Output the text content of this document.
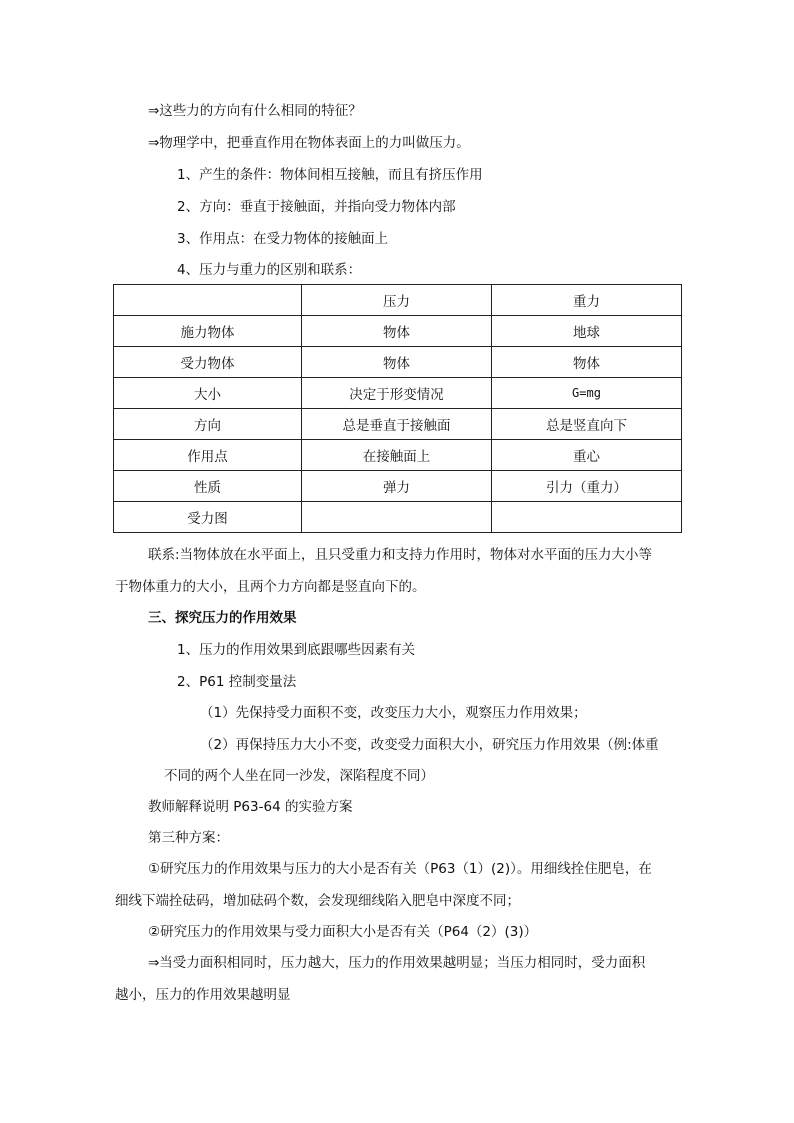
⇒这些力的方向有什么相同的特征？
⇒物理学中，把垂直作用在物体表面上的力叫做压力。
1、产生的条件：物体间相互接触，而且有挤压作用
2、方向：垂直于接触面，并指向受力物体内部
3、作用点：在受力物体的接触面上
4、压力与重力的区别和联系：
	压力	重力
施力物体	物体	地球
受力物体	物体	物体
大小	决定于形变情况	G=mg
方向	总是垂直于接触面	总是竖直向下
作用点	在接触面上	重心
性质	弹力	引力（重力）
受力图		
联系:当物体放在水平面上，且只受重力和支持力作用时，物体对水平面的压力大小等
于物体重力的大小，且两个力方向都是竖直向下的。
三、探究压力的作用效果
1、压力的作用效果到底跟哪些因素有关
2、P61 控制变量法
（1）先保持受力面积不变，改变压力大小，观察压力作用效果；
（2）再保持压力大小不变，改变受力面积大小，研究压力作用效果（例:体重
不同的两个人坐在同一沙发，深陷程度不同）
教师解释说明 P63-64 的实验方案
第三种方案：
①研究压力的作用效果与压力的大小是否有关（P63（1）(2)）。用细线拴住肥皂，在
细线下端拴砝码，增加砝码个数，会发现细线陷入肥皂中深度不同；
②研究压力的作用效果与受力面积大小是否有关（P64（2）(3)）
⇒当受力面积相同时，压力越大，压力的作用效果越明显；当压力相同时，受力面积
越小，压力的作用效果越明显
